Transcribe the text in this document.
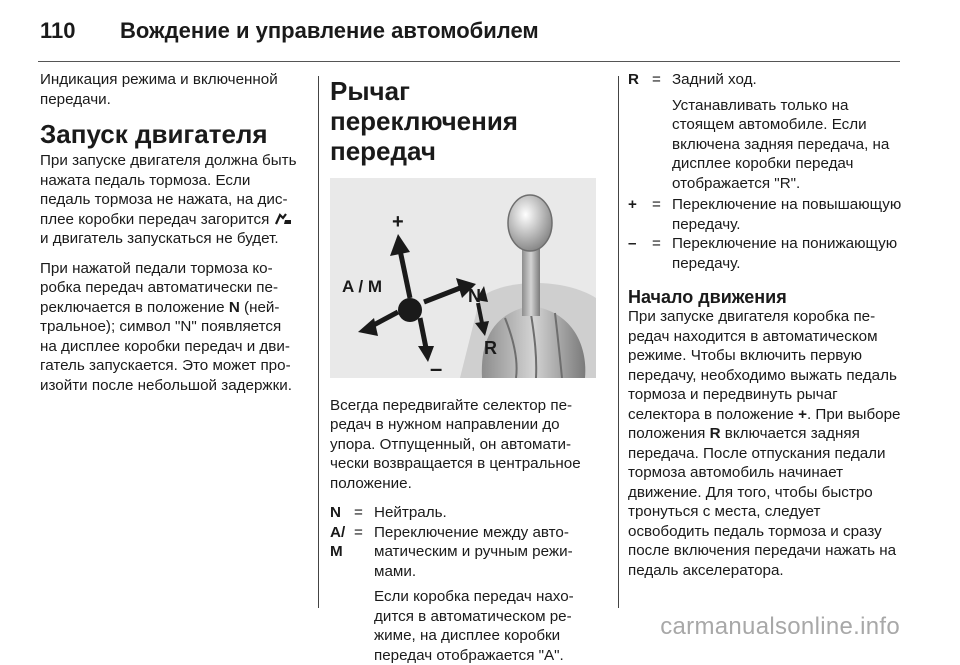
110 Вождение и управление автомобилем

Индикация режима и включенной передачи.

Запуск двигателя

При запуске двигателя должна быть нажата педаль тормоза. Если педаль тормоза не нажата, на дисплее коробки передач загорится  и двигатель запускаться не будет.

При нажатой педали тормоза коробка передач автоматически переключается в положение N (нейтральное); символ "N" появляется на дисплее коробки передач и двигатель запускается. Это может произойти после небольшой задержки.

Рычаг переключения передач
A / M
+
–
N
R

Всегда передвигайте селектор передач в нужном направлении до упора. Отпущенный, он автоматически возвращается в центральное положение.

N = Нейтраль.
A/ M
= Переключение между автоматическим и ручным режимами.
Если коробка передач находится в автоматическом режиме, на дисплее коробки передач отображается "A".
R = Задний ход.
Устанавливать только на стоящем автомобиле. Если включена задняя передача, на дисплее коробки передач отображается "R".
+ = Переключение на повышающую передачу.
–	= Переключение на понижающую передачу.
Начало движения

При запуске двигателя коробка передач находится в автоматическом режиме. Чтобы включить первую передачу, необходимо выжать педаль тормоза и передвинуть рычаг селектора в положение +. При выборе положения R включается задняя передача. После отпускания педали тормоза автомобиль начинает движение. Для того, чтобы быстро тронуться с места, следует освободить педаль тормоза и сразу после включения передачи нажать на педаль акселератора.

carmanualsonline.info
